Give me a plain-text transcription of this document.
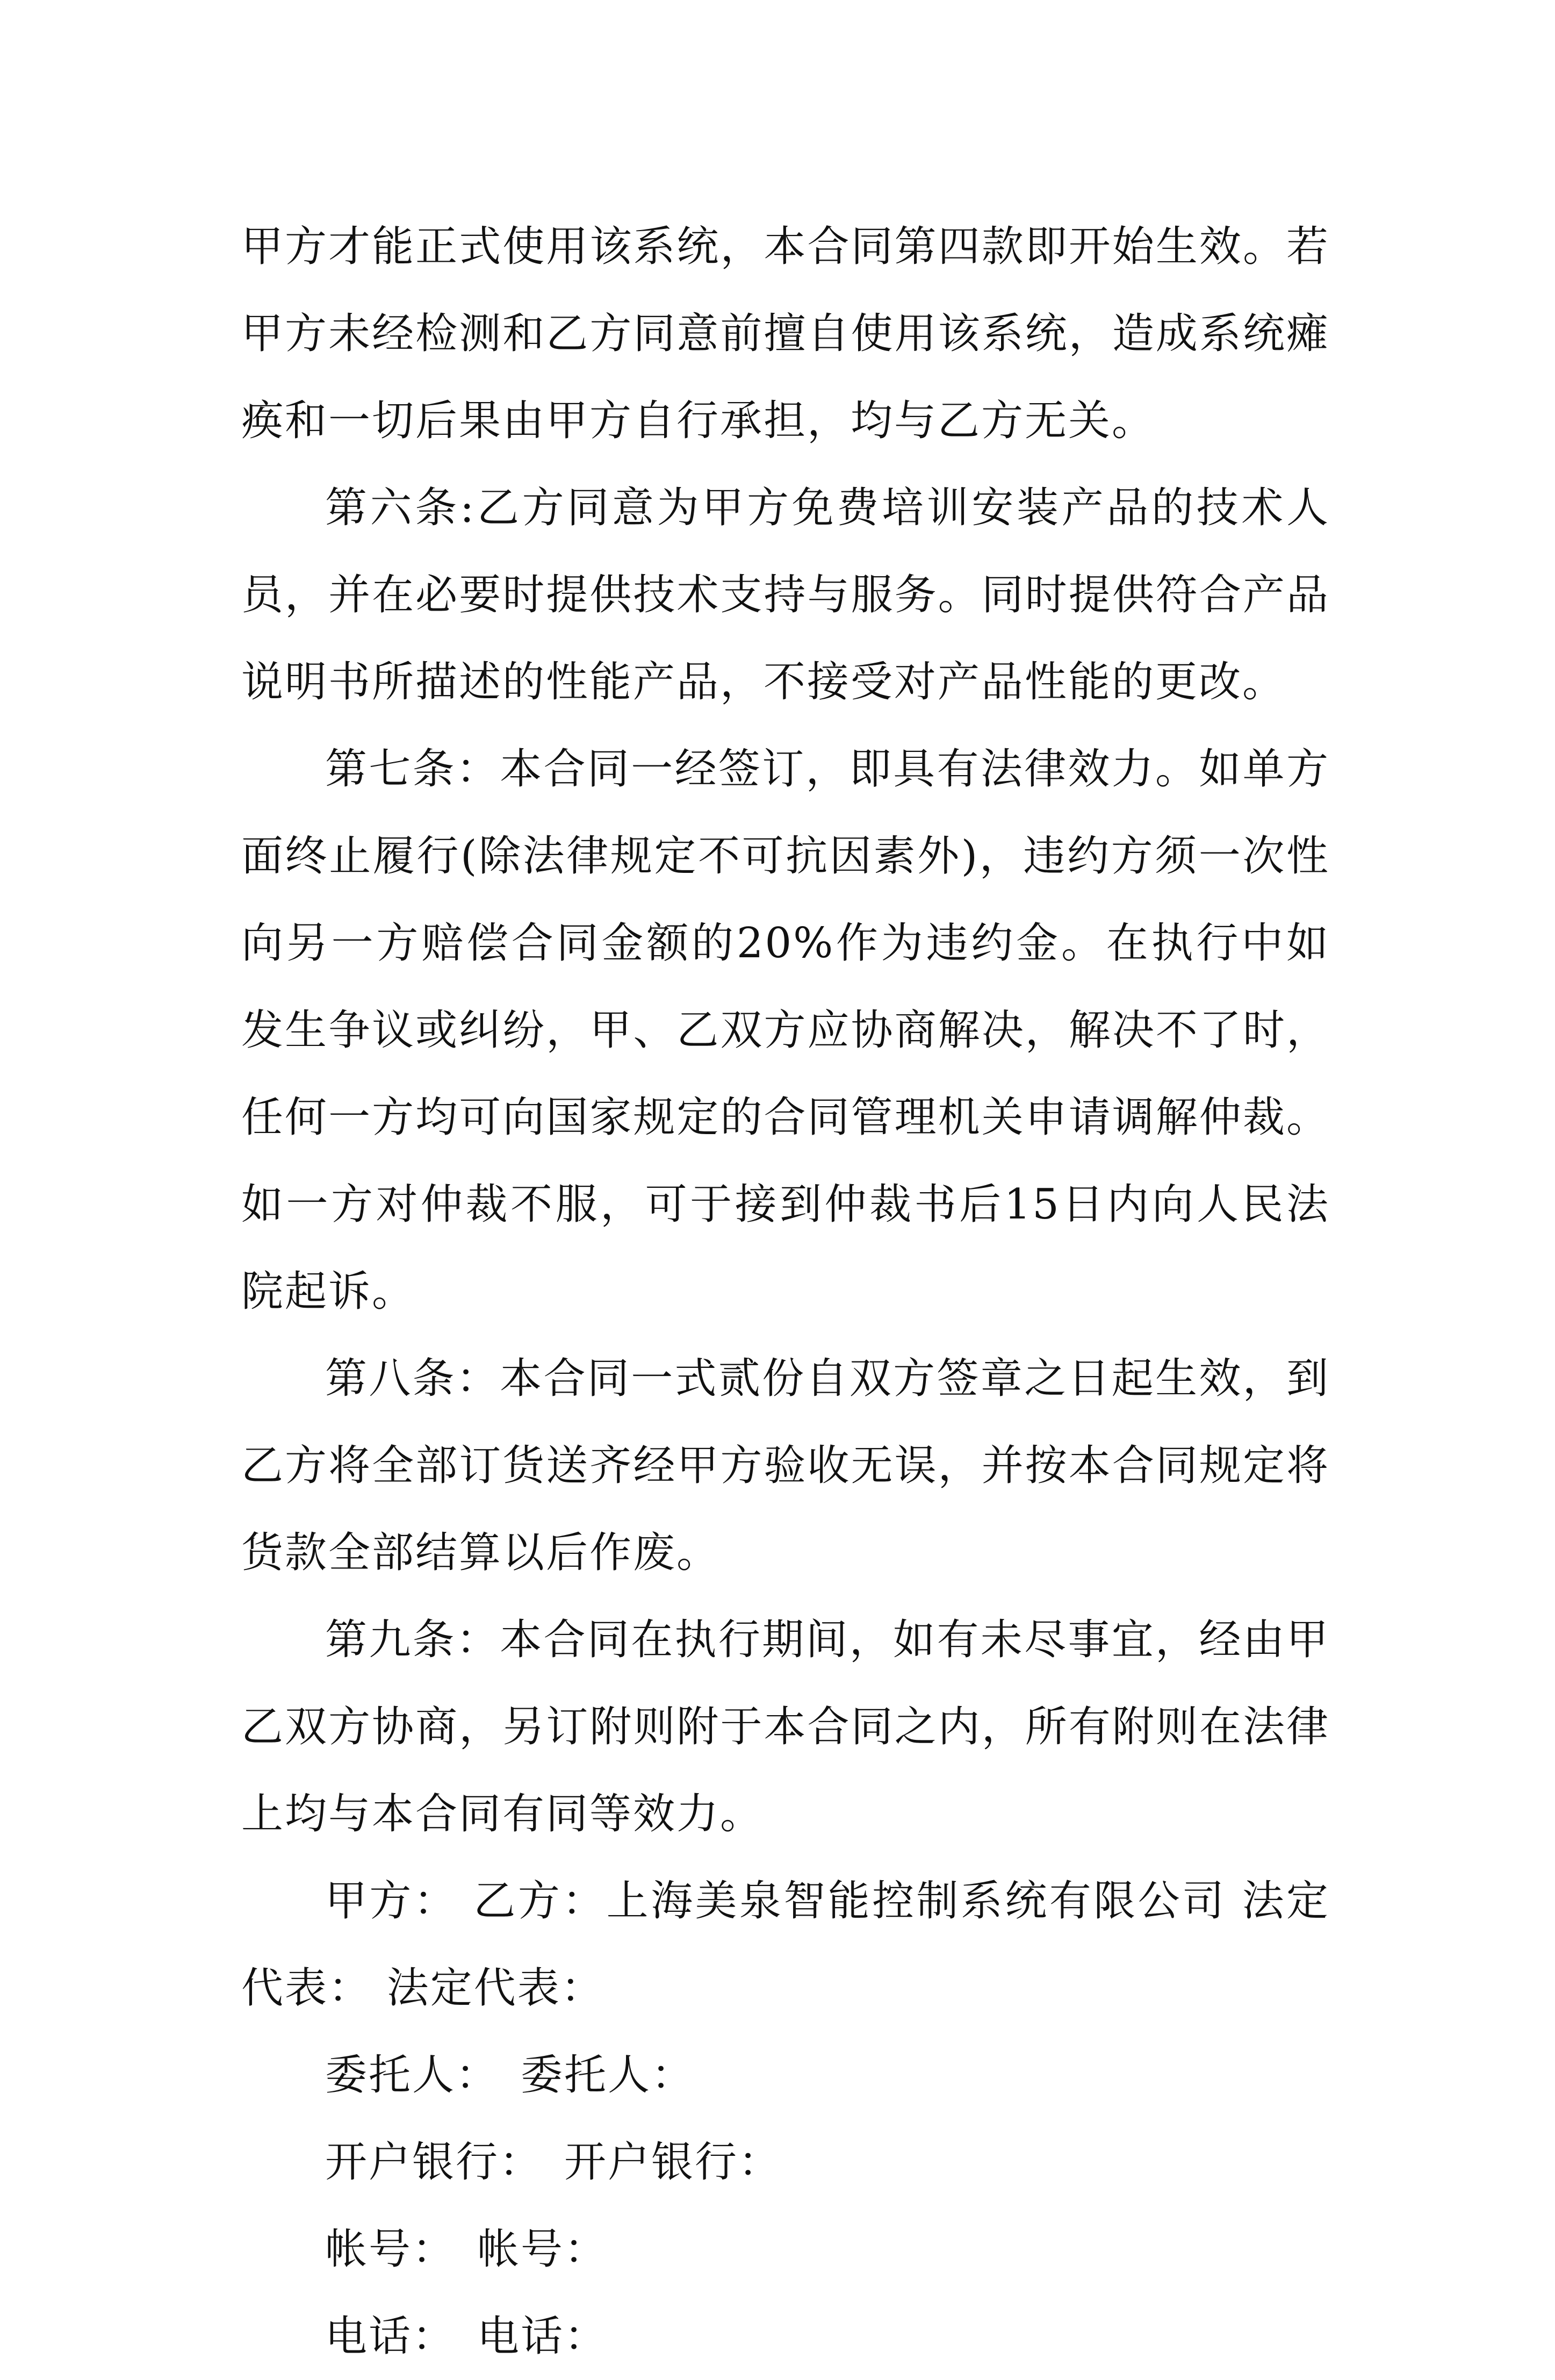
甲方才能正式使用该系统，本合同第四款即开始生效。若甲方未经检测和乙方同意前擅自使用该系统，造成系统瘫痪和一切后果由甲方自行承担，均与乙方无关。

第六条:乙方同意为甲方免费培训安装产品的技术人员，并在必要时提供技术支持与服务。同时提供符合产品说明书所描述的性能产品，不接受对产品性能的更改。

第七条：本合同一经签订，即具有法律效力。如单方面终止履行(除法律规定不可抗因素外)，违约方须一次性向另一方赔偿合同金额的20%作为违约金。在执行中如发生争议或纠纷，甲、乙双方应协商解决，解决不了时，任何一方均可向国家规定的合同管理机关申请调解仲裁。如一方对仲裁不服，可于接到仲裁书后15日内向人民法院起诉。

第八条：本合同一式贰份自双方签章之日起生效，到乙方将全部订货送齐经甲方验收无误，并按本合同规定将货款全部结算以后作废。

第九条：本合同在执行期间，如有未尽事宜，经由甲乙双方协商，另订附则附于本合同之内，所有附则在法律上均与本合同有同等效力。

甲方： 乙方：上海美泉智能控制系统有限公司 法定代表： 法定代表：

委托人： 委托人：

开户银行： 开户银行：

帐号： 帐号：

电话： 电话：
